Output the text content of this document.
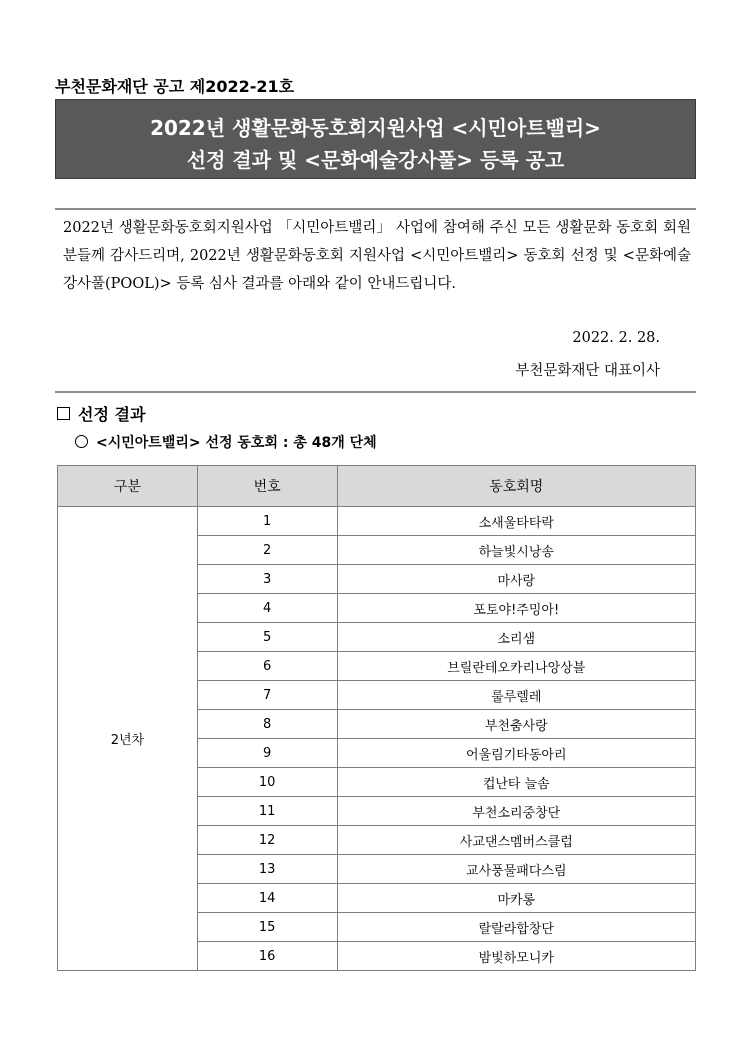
부천문화재단 공고 제2022-21호
2022년 생활문화동호회지원사업 <시민아트밸리>
선정 결과 및 <문화예술강사풀> 등록 공고

2022년 생활문화동호회지원사업 「시민아트밸리」 사업에 참여해 주신 모든 생활문화 동호회 회원분들께 감사드리며, 2022년 생활문화동호회 지원사업 <시민아트밸리> 동호회 선정 및 <문화예술강사풀(POOL)> 등록 심사 결과를 아래와 같이 안내드립니다.

2022. 2. 28.
부천문화재단 대표이사
선정 결과
<시민아트밸리> 선정 동호회 : 총 48개 단체
구분	번호	동호회명
2년차	1	소새울타타락
	2	하늘빛시낭송
	3	마사랑
	4	포토야!주밍아!
	5	소리샘
	6	브릴란테오카리나앙상블
	7	룰루렐레
	8	부천춤사랑
	9	어울림기타동아리
	10	컵난타 늘솜
	11	부천소리중창단
	12	사교댄스멤버스클럽
	13	교사풍물패다스림
	14	마카롱
	15	랄랄라합창단
	16	밤빛하모니카
